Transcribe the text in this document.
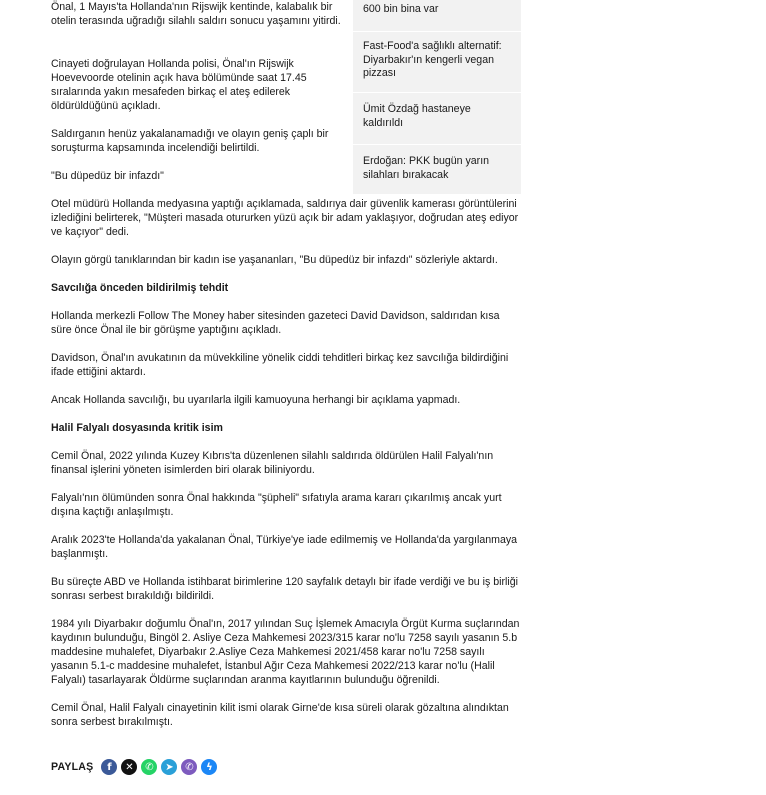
Önal, 1 Mayıs'ta Hollanda'nın Rijswijk kentinde, kalabalık bir otelin terasında uğradığı silahlı saldırı sonucu yaşamını yitirdi.

Cinayeti doğrulayan Hollanda polisi, Önal'ın Rijswijk Hoevevoorde otelinin açık hava bölümünde saat 17.45 sıralarında yakın mesafeden birkaç el ateş edilerek öldürüldüğünü açıkladı.

Saldırganın henüz yakalanamadığı ve olayın geniş çaplı bir soruşturma kapsamında incelendiği belirtildi.

"Bu düpedüz bir infazdı"

Otel müdürü Hollanda medyasına yaptığı açıklamada, saldırıya dair güvenlik kamerası görüntülerini izlediğini belirterek, "Müşteri masada otururken yüzü açık bir adam yaklaşıyor, doğrudan ateş ediyor ve kaçıyor" dedi.

Olayın görgü tanıklarından bir kadın ise yaşananları, "Bu düpedüz bir infazdı" sözleriyle aktardı.

Savcılığa önceden bildirilmiş tehdit

Hollanda merkezli Follow The Money haber sitesinden gazeteci David Davidson, saldırıdan kısa süre önce Önal ile bir görüşme yaptığını açıkladı.

Davidson, Önal'ın avukatının da müvekkiline yönelik ciddi tehditleri birkaç kez savcılığa bildirdiğini ifade ettiğini aktardı.

Ancak Hollanda savcılığı, bu uyarılarla ilgili kamuoyuna herhangi bir açıklama yapmadı.

Halil Falyalı dosyasında kritik isim

Cemil Önal, 2022 yılında Kuzey Kıbrıs'ta düzenlenen silahlı saldırıda öldürülen Halil Falyalı'nın finansal işlerini yöneten isimlerden biri olarak biliniyordu.

Falyalı'nın ölümünden sonra Önal hakkında "şüpheli" sıfatıyla arama kararı çıkarılmış ancak yurt dışına kaçtığı anlaşılmıştı.

Aralık 2023'te Hollanda'da yakalanan Önal, Türkiye'ye iade edilmemiş ve Hollanda'da yargılanmaya başlanmıştı.

Bu süreçte ABD ve Hollanda istihbarat birimlerine 120 sayfalık detaylı bir ifade verdiği ve bu iş birliği sonrası serbest bırakıldığı bildirildi.

1984 yılı Diyarbakır doğumlu Önal'ın, 2017 yılından Suç İşlemek Amacıyla Örgüt Kurma suçlarından kaydının bulunduğu, Bingöl 2. Asliye Ceza Mahkemesi 2023/315 karar no'lu 7258 sayılı yasanın 5.b maddesine muhalefet, Diyarbakır 2.Asliye Ceza Mahkemesi 2021/458 karar no'lu 7258 sayılı yasanın 5.1-c maddesine muhalefet, İstanbul Ağır Ceza Mahkemesi 2022/213 karar no'lu (Halil Falyalı) tasarlayarak Öldürme suçlarından aranma kayıtlarının bulunduğu öğrenildi.

Cemil Önal, Halil Falyalı cinayetinin kilit ismi olarak Girne'de kısa süreli olarak gözaltına alındıktan sonra serbest bırakılmıştı.

600 bin bina var
Fast-Food'a sağlıklı alternatif: Diyarbakır'ın kengerli vegan pizzası
Ümit Özdağ hastaneye kaldırıldı
Erdoğan: PKK bugün yarın silahları bırakacak
PAYLAŞ	f	✕	✆	➤	✆	ϟ
